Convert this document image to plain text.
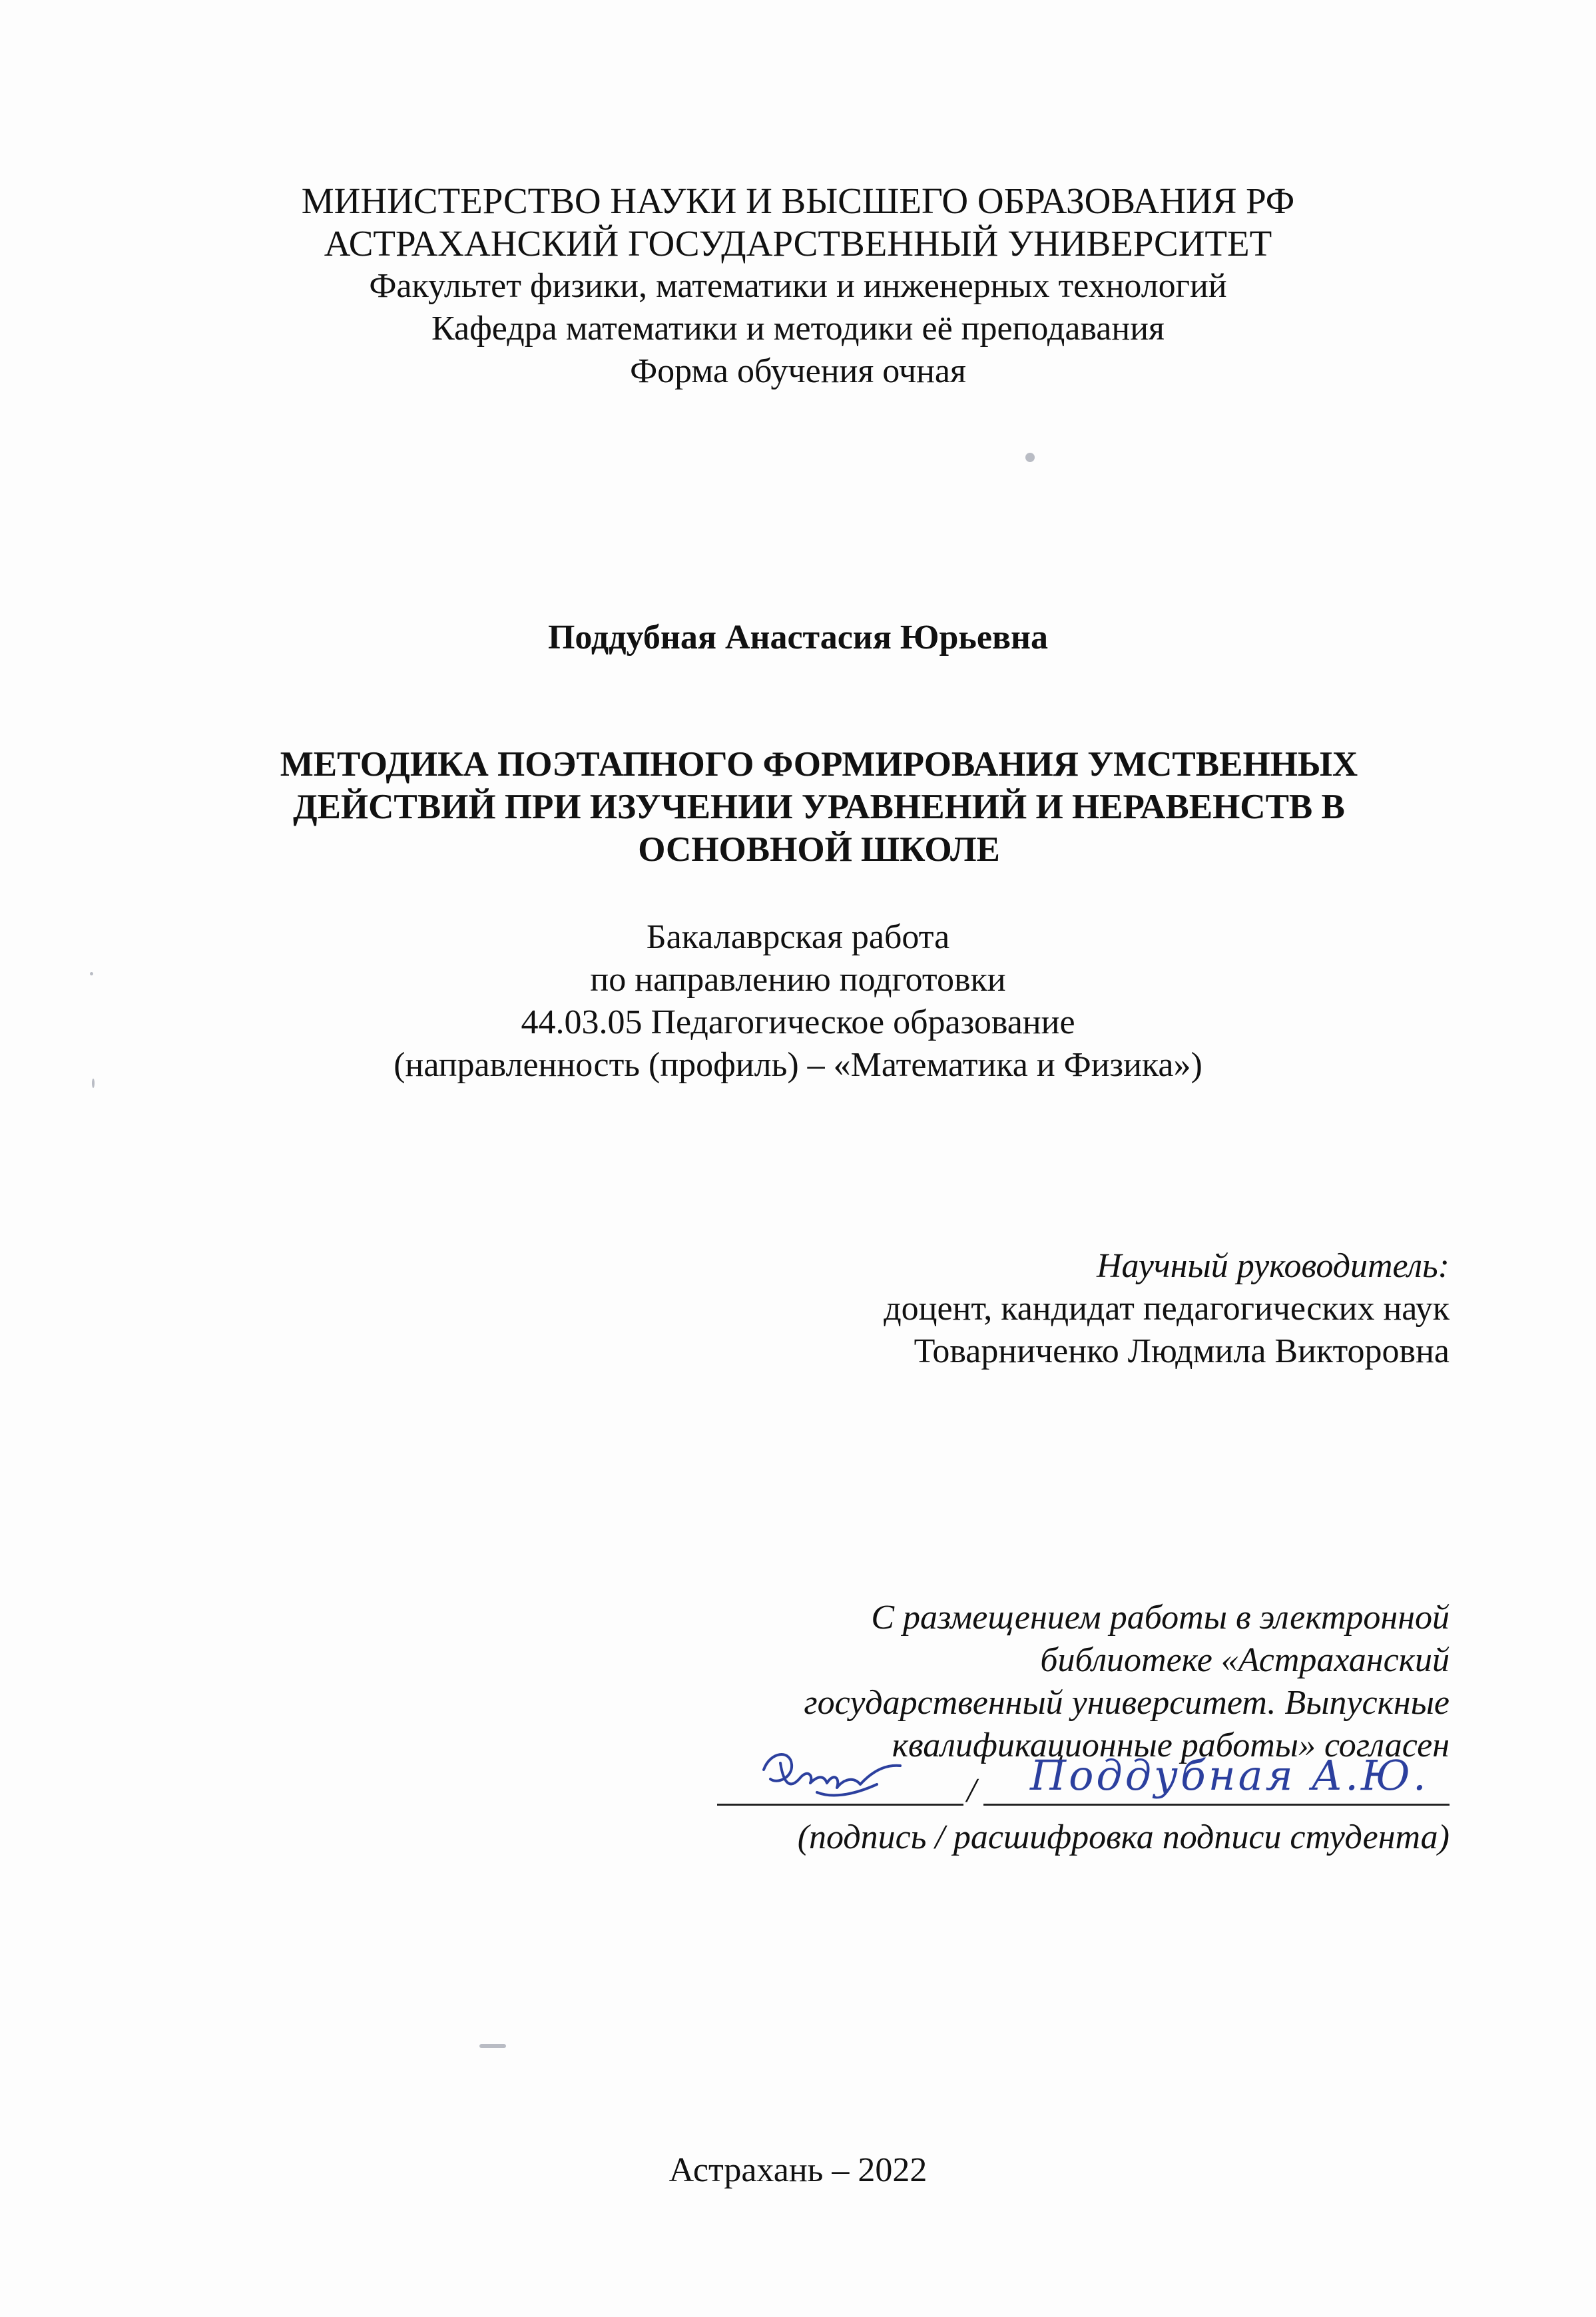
МИНИСТЕРСТВО НАУКИ И ВЫСШЕГО ОБРАЗОВАНИЯ РФ
АСТРАХАНСКИЙ ГОСУДАРСТВЕННЫЙ УНИВЕРСИТЕТ
Факультет физики, математики и инженерных технологий
Кафедра математики и методики её преподавания
Форма обучения очная
Поддубная Анастасия Юрьевна
МЕТОДИКА ПОЭТАПНОГО ФОРМИРОВАНИЯ УМСТВЕННЫХ
ДЕЙСТВИЙ ПРИ ИЗУЧЕНИИ УРАВНЕНИЙ И НЕРАВЕНСТВ В
ОСНОВНОЙ ШКОЛЕ
Бакалаврская работа
по направлению подготовки
44.03.05 Педагогическое образование
(направленность (профиль) – «Математика и Физика»)
Научный руководитель:
доцент, кандидат педагогических наук
Товарниченко Людмила Викторовна
С размещением работы в электронной
библиотеке «Астраханский
государственный университет. Выпускные
квалификационные работы» согласен
/ Поддубная А.Ю.
(подпись / расшифровка подписи студента)
Астрахань – 2022
